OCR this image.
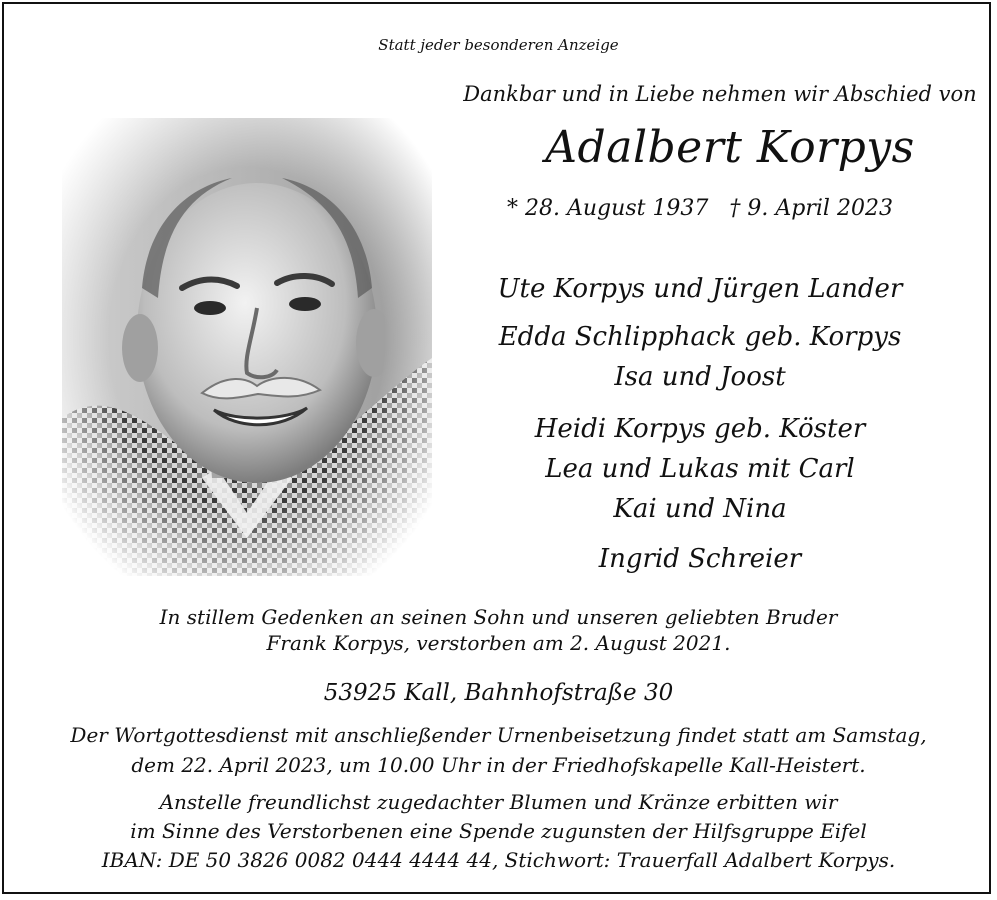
Statt jeder besonderen Anzeige
Dankbar und in Liebe nehmen wir Abschied von
Adalbert Korpys
* 28. August 1937 † 9. April 2023
Ute Korpys und Jürgen Lander
Edda Schlipphack geb. Korpys
Isa und Joost
Heidi Korpys geb. Köster
Lea und Lukas mit Carl
Kai und Nina
Ingrid Schreier
In stillem Gedenken an seinen Sohn und unseren geliebten Bruder
Frank Korpys, verstorben am 2. August 2021.
53925 Kall, Bahnhofstraße 30
Der Wortgottesdienst mit anschließender Urnenbeisetzung findet statt am Samstag,
dem 22. April 2023, um 10.00 Uhr in der Friedhofskapelle Kall-Heistert.
Anstelle freundlichst zugedachter Blumen und Kränze erbitten wir
im Sinne des Verstorbenen eine Spende zugunsten der Hilfsgruppe Eifel
IBAN: DE 50 3826 0082 0444 4444 44, Stichwort: Trauerfall Adalbert Korpys.
